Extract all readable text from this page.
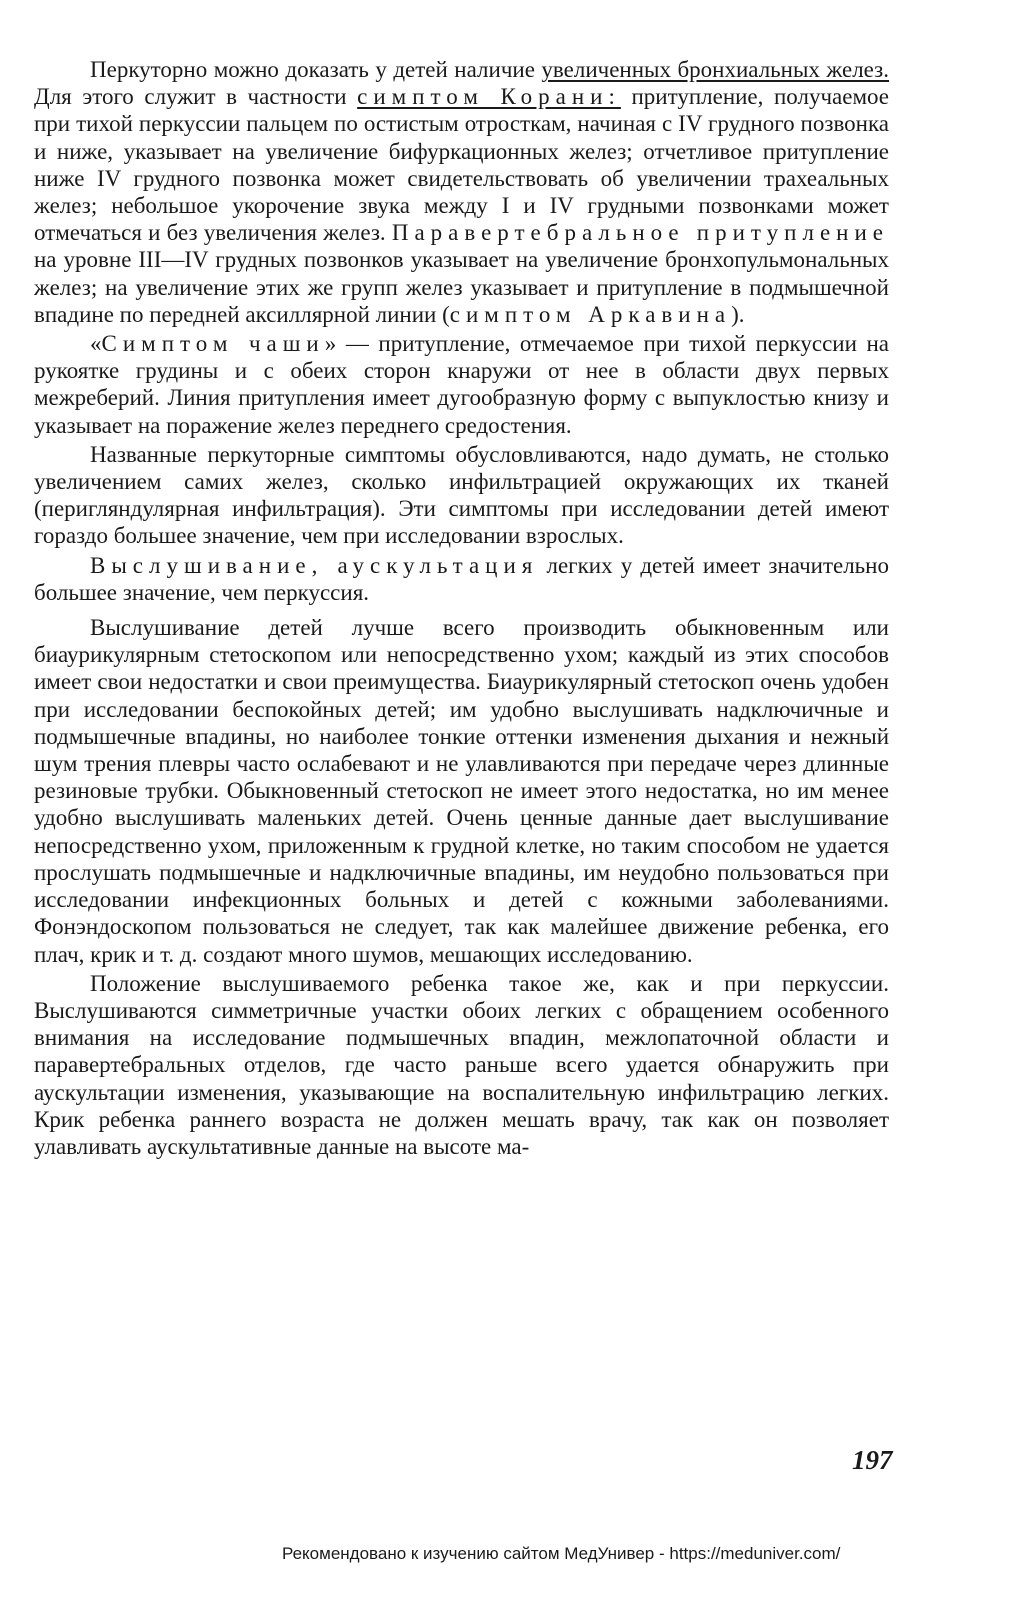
Перкуторно можно доказать у детей наличие увеличенных бронхиальных желез. Для этого служит в частности симптом Корани: притупление, получаемое при тихой перкуссии пальцем по остистым отросткам, начиная с IV грудного позвонка и ниже, указывает на увеличение бифуркационных желез; отчетливое притупление ниже IV грудного позвонка может свидетельствовать об увеличении трахеальных желез; небольшое укорочение звука между I и IV грудными позвонками может отмечаться и без увеличения желез. Паравертебральное притупление на уровне III—IV грудных позвонков указывает на увеличение бронхопульмональных желез; на увеличение этих же групп желез указывает и притупление в подмышечной впадине по передней аксиллярной линии (симптом Аркавина).

«Симптом чаши» — притупление, отмечаемое при тихой перкуссии на рукоятке грудины и с обеих сторон кнаружи от нее в области двух первых межреберий. Линия притупления имеет дугообразную форму с выпуклостью книзу и указывает на поражение желез переднего средостения.

Названные перкуторные симптомы обусловливаются, надо думать, не столько увеличением самих желез, сколько инфильтрацией окружающих их тканей (перигляндулярная инфильтрация). Эти симптомы при исследовании детей имеют гораздо большее значение, чем при исследовании взрослых.

Выслушивание, аускультация легких у детей имеет значительно большее значение, чем перкуссия.

Выслушивание детей лучше всего производить обыкновенным или биаурикулярным стетоскопом или непосредственно ухом; каждый из этих способов имеет свои недостатки и свои преимущества. Биаурикулярный стетоскоп очень удобен при исследовании беспокойных детей; им удобно выслушивать надключичные и подмышечные впадины, но наиболее тонкие оттенки изменения дыхания и нежный шум трения плевры часто ослабевают и не улавливаются при передаче через длинные резиновые трубки. Обыкновенный стетоскоп не имеет этого недостатка, но им менее удобно выслушивать маленьких детей. Очень ценные данные дает выслушивание непосредственно ухом, приложенным к грудной клетке, но таким способом не удается прослушать подмышечные и надключичные впадины, им неудобно пользоваться при исследовании инфекционных больных и детей с кожными заболеваниями. Фонэндоскопом пользоваться не следует, так как малейшее движение ребенка, его плач, крик и т. д. создают много шумов, мешающих исследованию.

Положение выслушиваемого ребенка такое же, как и при перкуссии. Выслушиваются симметричные участки обоих легких с обращением особенного внимания на исследование подмышечных впадин, межлопаточной области и паравертебральных отделов, где часто раньше всего удается обнаружить при аускультации изменения, указывающие на воспалительную инфильтрацию легких. Крик ребенка раннего возраста не должен мешать врачу, так как он позволяет улавливать аускультативные данные на высоте ма-

197
Рекомендовано к изучению сайтом МедУнивер - https://meduniver.com/
